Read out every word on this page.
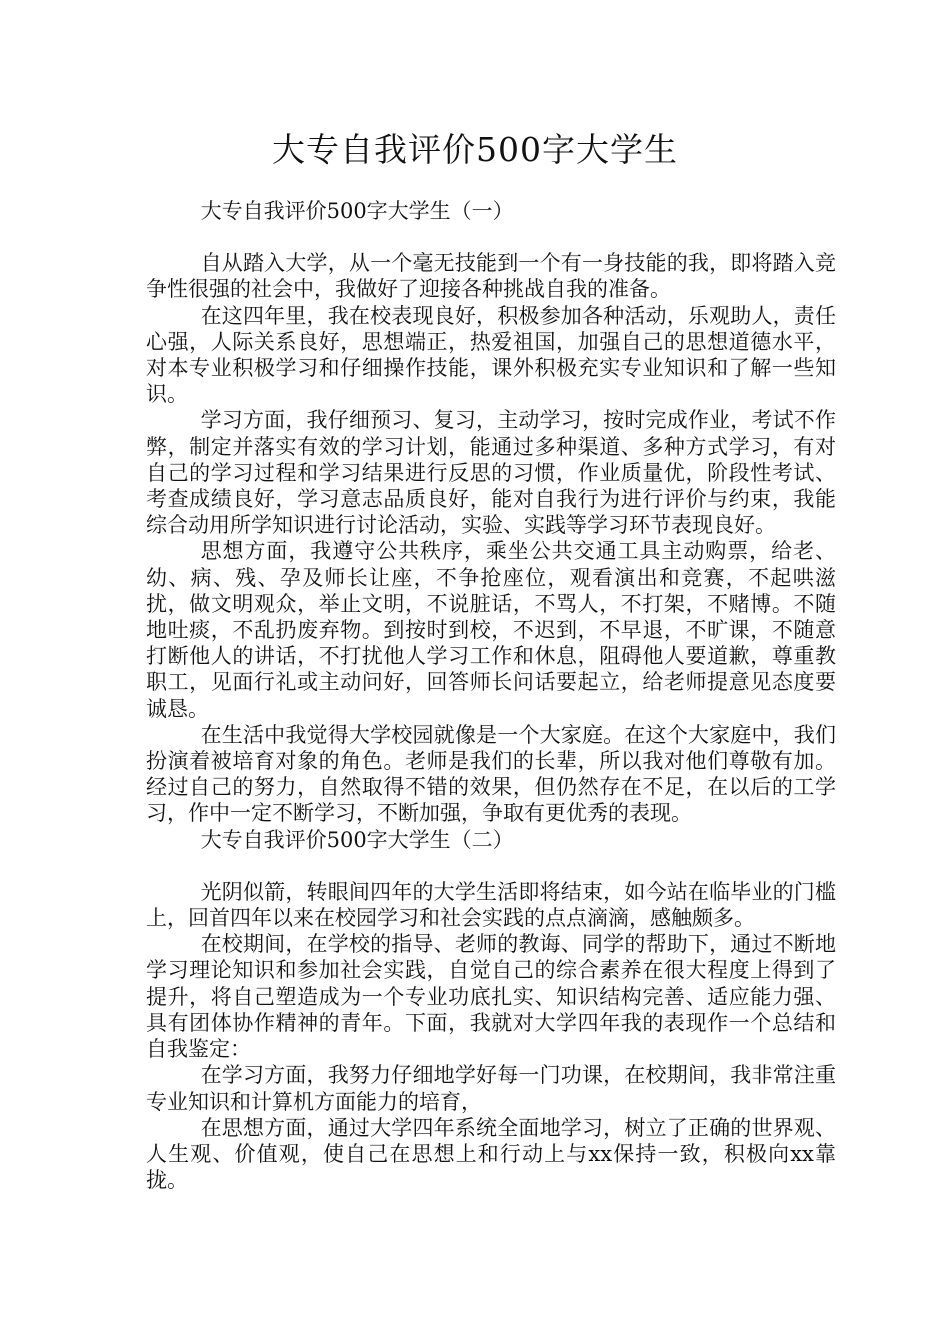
大专自我评价500字大学生

大专自我评价500字大学生（一）

自从踏入大学，从一个毫无技能到一个有一身技能的我，即将踏入竞争性很强的社会中，我做好了迎接各种挑战自我的准备。

在这四年里，我在校表现良好，积极参加各种活动，乐观助人，责任心强，人际关系良好，思想端正，热爱祖国，加强自己的思想道德水平，对本专业积极学习和仔细操作技能，课外积极充实专业知识和了解一些知识。

学习方面，我仔细预习、复习，主动学习，按时完成作业，考试不作弊，制定并落实有效的学习计划，能通过多种渠道、多种方式学习，有对自己的学习过程和学习结果进行反思的习惯，作业质量优，阶段性考试、考查成绩良好，学习意志品质良好，能对自我行为进行评价与约束，我能综合动用所学知识进行讨论活动，实验、实践等学习环节表现良好。

思想方面，我遵守公共秩序，乘坐公共交通工具主动购票，给老、幼、病、残、孕及师长让座，不争抢座位，观看演出和竞赛，不起哄滋扰，做文明观众，举止文明，不说脏话，不骂人，不打架，不赌博。不随地吐痰，不乱扔废弃物。到按时到校，不迟到，不早退，不旷课，不随意打断他人的讲话，不打扰他人学习工作和休息，阻碍他人要道歉，尊重教职工，见面行礼或主动问好，回答师长问话要起立，给老师提意见态度要诚恳。

在生活中我觉得大学校园就像是一个大家庭。在这个大家庭中，我们扮演着被培育对象的角色。老师是我们的长辈，所以我对他们尊敬有加。经过自己的努力，自然取得不错的效果，但仍然存在不足，在以后的工学习，作中一定不断学习，不断加强，争取有更优秀的表现。

大专自我评价500字大学生（二）

光阴似箭，转眼间四年的大学生活即将结束，如今站在临毕业的门槛上，回首四年以来在校园学习和社会实践的点点滴滴，感触颇多。

在校期间，在学校的指导、老师的教诲、同学的帮助下，通过不断地学习理论知识和参加社会实践，自觉自己的综合素养在很大程度上得到了提升，将自己塑造成为一个专业功底扎实、知识结构完善、适应能力强、具有团体协作精神的青年。下面，我就对大学四年我的表现作一个总结和自我鉴定：

在学习方面，我努力仔细地学好每一门功课，在校期间，我非常注重专业知识和计算机方面能力的培育，

在思想方面，通过大学四年系统全面地学习，树立了正确的世界观、人生观、价值观，使自己在思想上和行动上与xx保持一致，积极向xx靠拢。
